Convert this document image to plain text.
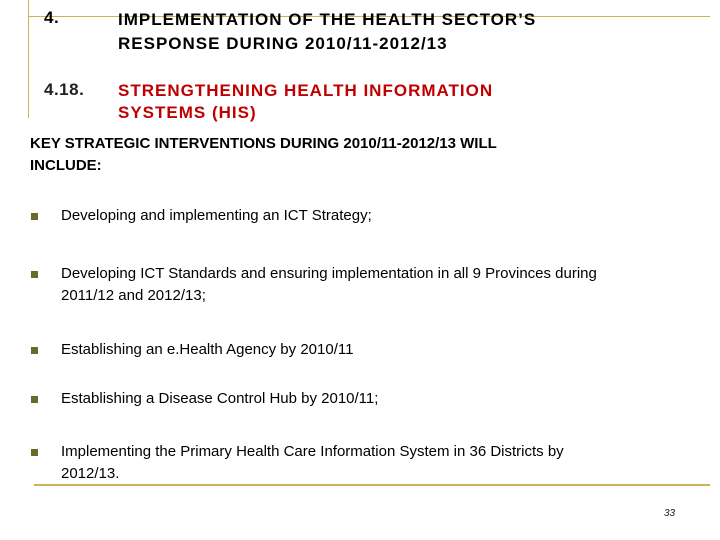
4.	IMPLEMENTATION OF THE HEALTH SECTOR’S
RESPONSE DURING 2010/11-2012/13
4.18. STRENGTHENING HEALTH INFORMATION
SYSTEMS (HIS)
KEY STRATEGIC INTERVENTIONS DURING 2010/11-2012/13 WILL
INCLUDE:
Developing and implementing an ICT Strategy;
Developing ICT Standards and ensuring implementation in all 9 Provinces during
2011/12 and 2012/13;
Establishing an e.Health Agency by 2010/11
Establishing a Disease Control Hub by 2010/11;
Implementing the Primary Health Care Information System in 36 Districts by
2012/13.
33
